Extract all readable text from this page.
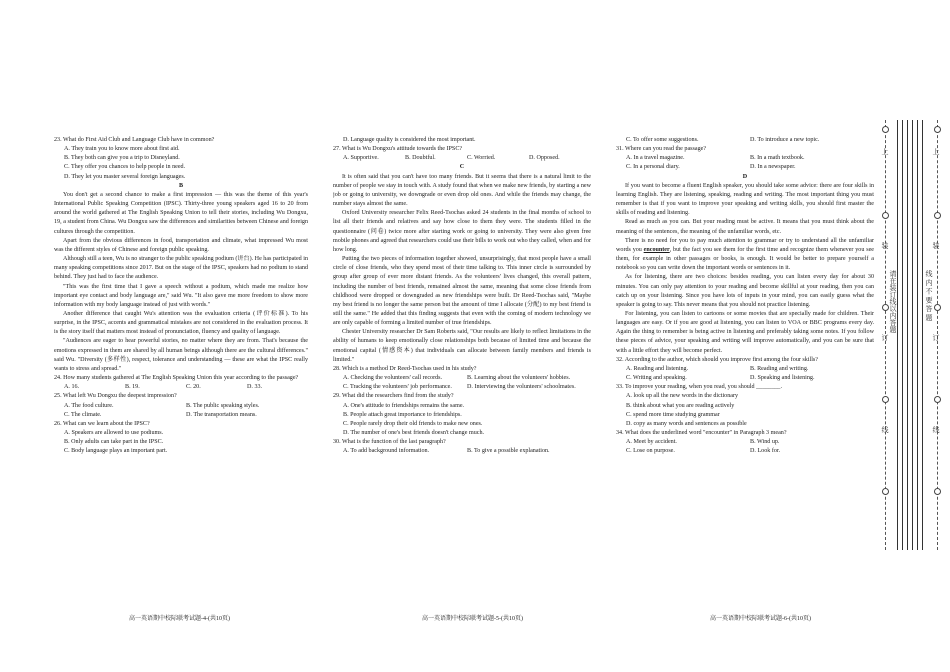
23. What do First Aid Club and Language Club have in common?
A. They train you to know more about first aid.
B. They both can give you a trip to Disneyland.
C. They offer you chances to help people in need.
D. They let you master several foreign languages.
B
You don't get a second chance to make a first impression — this was the theme of this year's International Public Speaking Competition (IPSC). Thirty-three young speakers aged 16 to 20 from around the world gathered at The English Speaking Union to tell their stories, including Wu Dongxu, 19, a student from China. Wu Dongxu saw the differences and similarities between Chinese and foreign cultures through the competition.
Apart from the obvious differences in food, transportation and climate, what impressed Wu most was the different styles of Chinese and foreign public speaking.
Although still a teen, Wu is no stranger to the public speaking podium (讲台). He has participated in many speaking competitions since 2017. But on the stage of the IPSC, speakers had no podium to stand behind. They just had to face the audience.
"This was the first time that I gave a speech without a podium, which made me realize how important eye contact and body language are," said Wu. "It also gave me more freedom to show more information with my body language instead of just with words."
Another difference that caught Wu's attention was the evaluation criteria (评价标准). To his surprise, in the IPSC, accents and grammatical mistakes are not considered in the evaluation process. It is the story itself that matters most instead of pronunciation, fluency and quality of language.
"Audiences are eager to hear powerful stories, no matter where they are from. That's because the emotions expressed in them are shared by all human beings although there are the cultural differences." said Wu. "Diversity (多样性), respect, tolerance and understanding — these are what the IPSC really wants to stress and spread."
24. How many students gathered at The English Speaking Union this year according to the passage?
A. 16.	B. 19.	C. 20.	D. 33.
25. What left Wu Dongxu the deepest impression?
A. The food culture.	B. The public speaking styles.
C. The climate.	D. The transportation means.
26. What can we learn about the IPSC?
A. Speakers are allowed to use podiums.
B. Only adults can take part in the IPSC.
C. Body language plays an important part.
D. Language quality is considered the most important.
27. What is Wu Dongxu's attitude towards the IPSC?
A. Supportive.	B. Doubtful.	C. Worried.	D. Opposed.
C
It is often said that you can't have too many friends. But it seems that there is a natural limit to the number of people we stay in touch with. A study found that when we make new friends, by starting a new job or going to university, we downgrade or even drop old ones. And while the friends may change, the number stays almost the same.
Oxford University researcher Felix Reed-Tsochas asked 24 students in the final months of school to list all their friends and relatives and say how close to them they were. The students filled in the questionnaire (问卷) twice more after starting work or going to university. They were also given free mobile phones and agreed that researchers could use their bills to work out who they called, when and for how long.
Putting the two pieces of information together showed, unsurprisingly, that most people have a small circle of close friends, who they spend most of their time talking to. This inner circle is surrounded by group after group of ever more distant friends. As the volunteers' lives changed, this overall pattern, including the number of best friends, remained almost the same, meaning that some close friends from childhood were dropped or downgraded as new friendships were built. Dr Reed-Tsochas said, "Maybe my best friend is no longer the same person but the amount of time I allocate (分配) to my best friend is still the same." He added that this finding suggests that even with the coming of modern technology we are only capable of forming a limited number of true friendships.
Chester University researcher Dr Sam Roberts said, "Our results are likely to reflect limitations in the ability of humans to keep emotionally close relationships both because of limited time and because the emotional capital (情感资本) that individuals can allocate between family members and friends is limited."
28. Which is a method Dr Reed-Tsochas used in his study?
A. Checking the volunteers' call records.	B. Learning about the volunteers' hobbies.
C. Tracking the volunteers' job performance.	D. Interviewing the volunteers' schoolmates.
29. What did the researchers find from the study?
A. One's attitude to friendships remains the same.
B. People attach great importance to friendships.
C. People rarely drop their old friends to make new ones.
D. The number of one's best friends doesn't change much.
30. What is the function of the last paragraph?
A. To add background information.	B. To give a possible explanation.
C. To offer some suggestions.	D. To introduce a new topic.
31. Where can you read the passage?
A. In a travel magazine.	B. In a math textbook.
C. In a personal diary.	D. In a newspaper.
D
If you want to become a fluent English speaker, you should take some advice: there are four skills in learning English. They are listening, speaking, reading and writing. The most important thing you must remember is that if you want to improve your speaking and writing skills, you should first master the skills of reading and listening.
Read as much as you can. But your reading must be active. It means that you must think about the meaning of the sentences, the meaning of the unfamiliar words, etc.
There is no need for you to pay much attention to grammar or try to understand all the unfamiliar words you encounter, but the fact you see them for the first time and recognize them whenever you see them, for example in other passages or books, is enough. It would be better to prepare yourself a notebook so you can write down the important words or sentences in it.
As for listening, there are two choices: besides reading, you can listen every day for about 30 minutes. You can only pay attention to your reading and become skillful at your reading, then you can catch up on your listening. Since you have lots of inputs in your mind, you can easily guess what the speaker is going to say. This never means that you should not practice listening.
For listening, you can listen to cartoons or some movies that are specially made for children. Their languages are easy. Or if you are good at listening, you can listen to VOA or BBC programs every day. Again the thing to remember is being active in listening and preferably taking some notes. If you follow these pieces of advice, your speaking and writing will improve automatically, and you can be sure that with a little effort they will become perfect.
32. According to the author, which should you improve first among the four skills?
A. Reading and listening.	B. Reading and writing.
C. Writing and speaking.	D. Speaking and listening.
33. To improve your reading, when you read, you should ________.
A. look up all the new words in the dictionary
B. think about what you are reading actively
C. spend more time studying grammar
D. copy as many words and sentences as possible
34. What does the underlined word "encounter" in Paragraph 3 mean?
A. Meet by accident.	B. Wind up.
C. Lose on purpose.	D. Look for.
高一英语期中校际联考试题-4-(共10页)	高一英语期中校际联考试题-5-(共10页)	高一英语期中校际联考试题-6-(共10页)
上
装
订
线
上
装
订
线
请在装订线以内答题	线 内 不 要 答 题
